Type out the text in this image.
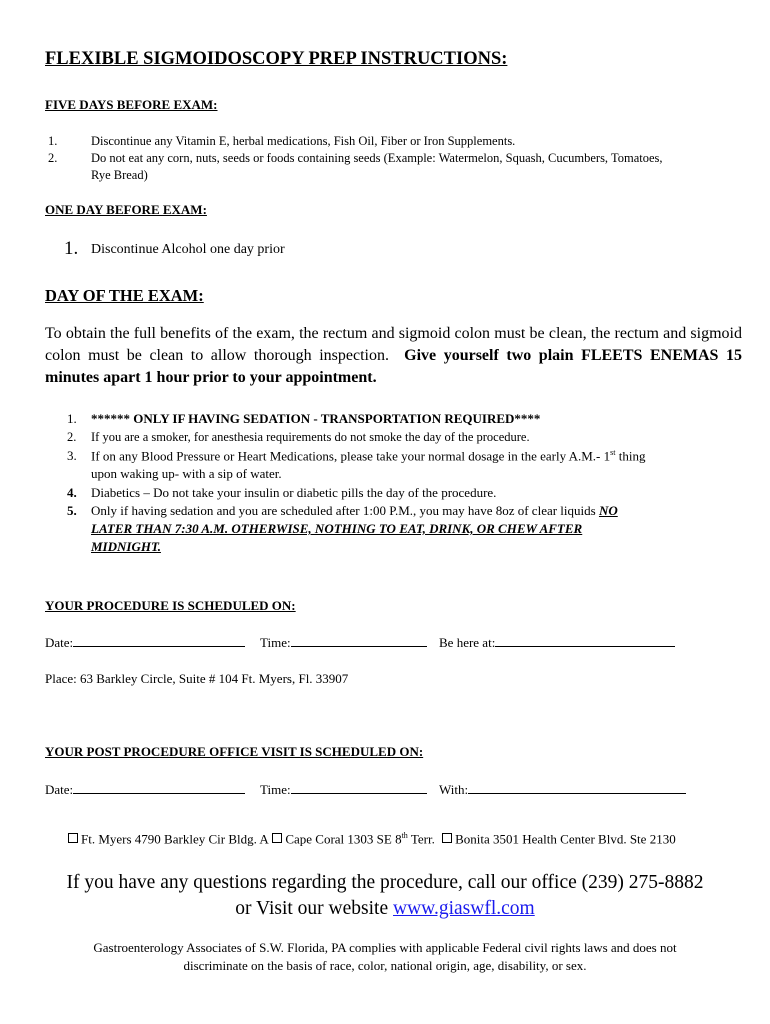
FLEXIBLE SIGMOIDOSCOPY PREP INSTRUCTIONS:
FIVE DAYS BEFORE EXAM:
1.	Discontinue any Vitamin E, herbal medications, Fish Oil, Fiber or Iron Supplements.
2.	Do not eat any corn, nuts, seeds or foods containing seeds (Example: Watermelon, Squash, Cucumbers, Tomatoes,
Rye Bread)
ONE DAY BEFORE EXAM:
1. Discontinue Alcohol one day prior
DAY OF THE EXAM:
To obtain the full benefits of the exam, the rectum and sigmoid colon must be clean, the rectum and sigmoid colon must be clean to allow thorough inspection. Give yourself two plain FLEETS ENEMAS 15 minutes apart 1 hour prior to your appointment.
1. ****** ONLY IF HAVING SEDATION - TRANSPORTATION REQUIRED****
2. If you are a smoker, for anesthesia requirements do not smoke the day of the procedure.
3. If on any Blood Pressure or Heart Medications, please take your normal dosage in the early A.M.- 1st thing
upon waking up- with a sip of water.
4. Diabetics – Do not take your insulin or diabetic pills the day of the procedure.
5. Only if having sedation and you are scheduled after 1:00 P.M., you may have 8oz of clear liquids NO
LATER THAN 7:30 A.M. OTHERWISE, NOTHING TO EAT, DRINK, OR CHEW AFTER
MIDNIGHT.
YOUR PROCEDURE IS SCHEDULED ON:
Date:	Time:	Be here at:
Place: 63 Barkley Circle, Suite # 104 Ft. Myers, Fl. 33907
YOUR POST PROCEDURE OFFICE VISIT IS SCHEDULED ON:
Date:	Time:	With:
Ft. Myers 4790 Barkley Cir Bldg. A Cape Coral 1303 SE 8th Terr. Bonita 3501 Health Center Blvd. Ste 2130
If you have any questions regarding the procedure, call our office (239) 275-8882
or Visit our website www.giaswfl.com
Gastroenterology Associates of S.W. Florida, PA complies with applicable Federal civil rights laws and does not
discriminate on the basis of race, color, national origin, age, disability, or sex.
